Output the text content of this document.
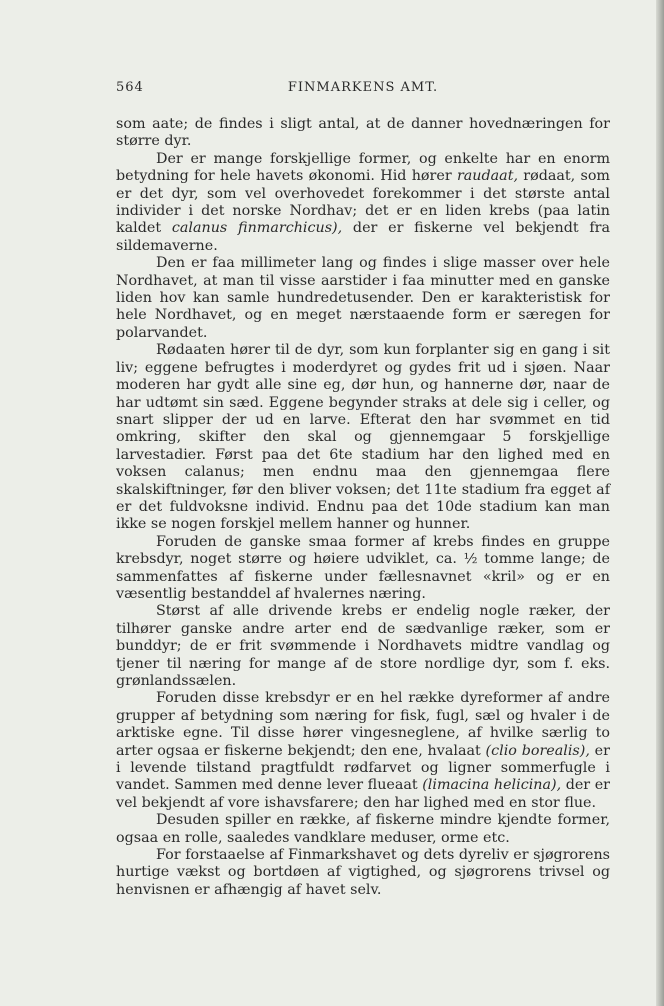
564	FINMARKENS AMT.

som aate; de findes i sligt antal, at de danner hovednæringen for større dyr.

Der er mange forskjellige former, og enkelte har en enorm betydning for hele havets økonomi. Hid hører raudaat, rødaat, som er det dyr, som vel overhovedet forekommer i det største antal individer i det norske Nordhav; det er en liden krebs (paa latin kaldet calanus finmarchicus), der er fiskerne vel bekjendt fra sildemaverne.

Den er faa millimeter lang og findes i slige masser over hele Nordhavet, at man til visse aarstider i faa minutter med en ganske liden hov kan samle hundredetusender. Den er karakteristisk for hele Nordhavet, og en meget nærstaaende form er særegen for polarvandet.

Rødaaten hører til de dyr, som kun forplanter sig en gang i sit liv; eggene befrugtes i moderdyret og gydes frit ud i sjøen. Naar moderen har gydt alle sine eg, dør hun, og hannerne dør, naar de har udtømt sin sæd. Eggene begynder straks at dele sig i celler, og snart slipper der ud en larve. Efterat den har svømmet en tid omkring, skifter den skal og gjennemgaar 5 forskjellige larvestadier. Først paa det 6te stadium har den lighed med en voksen calanus; men endnu maa den gjennemgaa flere skalskiftninger, før den bliver voksen; det 11te stadium fra egget af er det fuldvoksne individ. Endnu paa det 10de stadium kan man ikke se nogen forskjel mellem hanner og hunner.

Foruden de ganske smaa former af krebs findes en gruppe krebsdyr, noget større og høiere udviklet, ca. ½ tomme lange; de sammenfattes af fiskerne under fællesnavnet «kril» og er en væsentlig bestanddel af hvalernes næring.

Størst af alle drivende krebs er endelig nogle ræker, der tilhører ganske andre arter end de sædvanlige ræker, som er bunddyr; de er frit svømmende i Nordhavets midtre vandlag og tjener til næring for mange af de store nordlige dyr, som f. eks. grønlandssælen.

Foruden disse krebsdyr er en hel række dyreformer af andre grupper af betydning som næring for fisk, fugl, sæl og hvaler i de arktiske egne. Til disse hører vingesneglene, af hvilke særlig to arter ogsaa er fiskerne bekjendt; den ene, hvalaat (clio borealis), er i levende tilstand pragtfuldt rødfarvet og ligner sommerfugle i vandet. Sammen med denne lever flueaat (limacina helicina), der er vel bekjendt af vore ishavsfarere; den har lighed med en stor flue.

Desuden spiller en række, af fiskerne mindre kjendte former, ogsaa en rolle, saaledes vandklare meduser, orme etc.

For forstaaelse af Finmarkshavet og dets dyreliv er sjøgrorens hurtige vækst og bortdøen af vigtighed, og sjøgrorens trivsel og henvisnen er afhængig af havet selv.
